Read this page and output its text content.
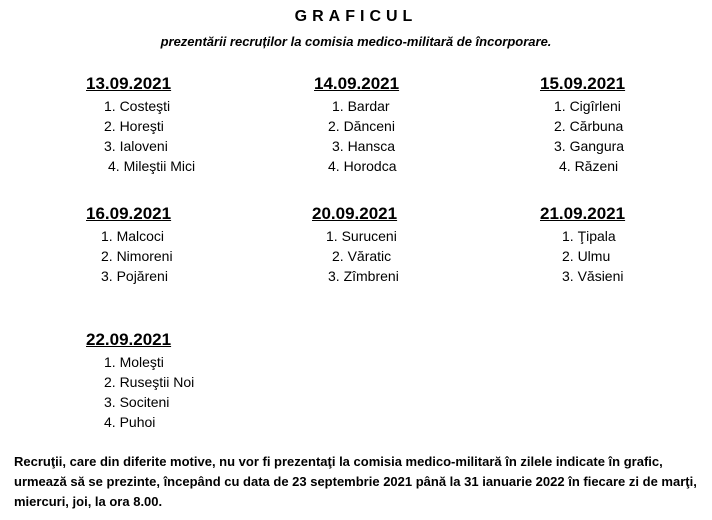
GRAFICUL
prezentării recruților la comisia medico-militară de încorporare.
13.09.2021
1. Costeşti
2. Horeşti
3. Ialoveni
4. Mileştii Mici
14.09.2021
1. Bardar
2. Dănceni
3. Hansca
4. Horodca
15.09.2021
1. Cigîrleni
2. Cărbuna
3. Gangura
4. Răzeni
16.09.2021
1. Malcoci
2. Nimoreni
3. Pojăreni
20.09.2021
1. Suruceni
2. Văratic
3. Zîmbreni
21.09.2021
1. Ţipala
2. Ulmu
3. Văsieni
22.09.2021
1. Moleşti
2. Ruseştii Noi
3. Sociteni
4. Puhoi
Recruţii, care din diferite motive, nu vor fi prezentaţi la comisia medico-militară în zilele indicate în grafic, urmează să se prezinte, începând cu data de 23 septembrie 2021 până la 31 ianuarie 2022 în fiecare zi de marţi, miercuri, joi, la ora 8.00.
